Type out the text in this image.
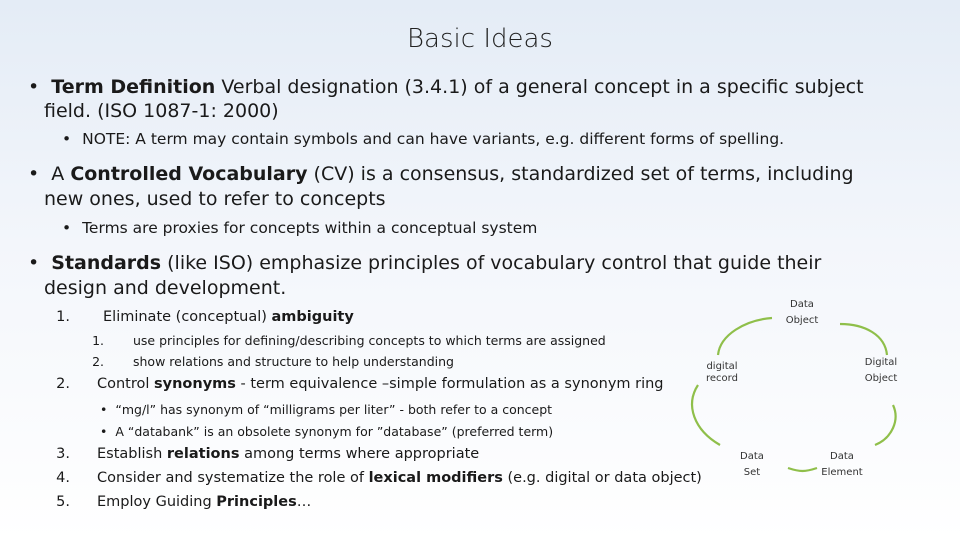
Basic Ideas
• Term Definition Verbal designation (3.4.1) of a general concept in a specific subject
field. (ISO 1087-1: 2000)
• NOTE: A term may contain symbols and can have variants, e.g. different forms of spelling.
• A Controlled Vocabulary (CV) is a consensus, standardized set of terms, including
new ones, used to refer to concepts
• Terms are proxies for concepts within a conceptual system
• Standards (like ISO) emphasize principles of vocabulary control that guide their
design and development.
1. Eliminate (conceptual) ambiguity
1. use principles for defining/describing concepts to which terms are assigned
2. show relations and structure to help understanding
2. Control synonyms - term equivalence –simple formulation as a synonym ring
• “mg/l” has synonym of “milligrams per liter” - both refer to a concept
• A “databank” is an obsolete synonym for ”database” (preferred term)
3. Establish relations among terms where appropriate
4. Consider and systematize the role of lexical modifiers (e.g. digital or data object)
5. Employ Guiding Principles…
Data
Object
Digital
Object
Data
Element
Data
Set
digital
record
